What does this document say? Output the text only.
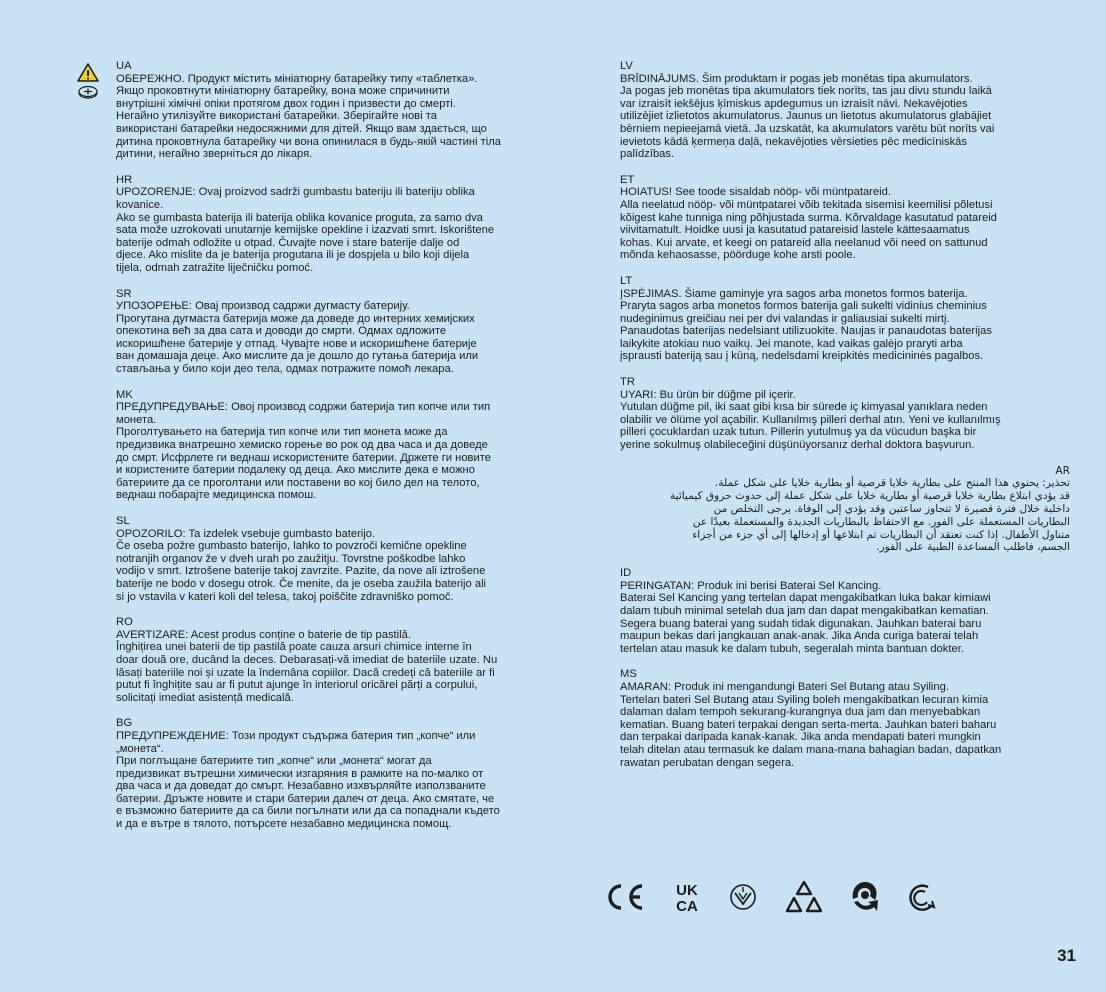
UA
ОБЕРЕЖНО. Продукт містить мініатюрну батарейку типу «таблетка».
Якщо проковтнути мініатюрну батарейку, вона може спричинити
внутрішні хімічні опіки протягом двох годин і призвести до смерті.
Негайно утилізуйте використані батарейки. Зберігайте нові та
використані батарейки недосяжними для дітей. Якщо вам здається, що
дитина проковтнула батарейку чи вона опинилася в будь-якій частині тіла
дитини, негайно зверніться до лікаря.
HR
UPOZORENJE: Ovaj proizvod sadrži gumbastu bateriju ili bateriju oblika
kovanice.
Ako se gumbasta baterija ili baterija oblika kovanice proguta, za samo dva
sata može uzrokovati unutarnje kemijske opekline i izazvati smrt. Iskorištene
baterije odmah odložite u otpad. Čuvajte nove i stare baterije dalje od
djece. Ako mislite da je baterija progutana ili je dospjela u bilo koji dijela
tijela, odmah zatražite liječničku pomoć.
SR
УПОЗОРЕЊЕ: Овај производ садржи дугмасту батерију.
Прогутана дугмаста батерија може да доведе до интерних хемијских
опекотина већ за два сата и доводи до смрти. Одмах одложите
искоришћене батерије у отпад. Чувајте нове и искоришћене батерије
ван домашаја деце. Ако мислите да је дошло до гутања батерија или
стављања у било који део тела, одмах потражите помоћ лекара.
MK
ПРЕДУПРЕДУВАЊЕ: Овој производ содржи батерија тип копче или тип
монета.
Проголтувањето на батерија тип копче или тип монета може да
предизвика внатрешно хемиско горење во рок од два часа и да доведе
до смрт. Исфрлете ги веднаш искористените батерии. Држете ги новите
и користените батерии подалеку од деца. Ако мислите дека е можно
батериите да се проголтани или поставени во кој било дел на телото,
веднаш побарајте медицинска помош.
SL
OPOZORILO: Ta izdelek vsebuje gumbasto baterijo.
Če oseba požre gumbasto baterijo, lahko to povzroči kemične opekline
notranjih organov že v dveh urah po zaužitju. Tovrstne poškodbe lahko
vodijo v smrt. Iztrošene baterije takoj zavrzite. Pazite, da nove ali iztrošene
baterije ne bodo v dosegu otrok. Če menite, da je oseba zaužila baterijo ali
si jo vstavila v kateri koli del telesa, takoj poiščite zdravniško pomoč.
RO
AVERTIZARE: Acest produs conține o baterie de tip pastilă.
Înghițirea unei baterii de tip pastilă poate cauza arsuri chimice interne în
doar două ore, ducând la deces. Debarasați-vă imediat de bateriile uzate. Nu
lăsați bateriile noi și uzate la îndemâna copiilor. Dacă credeți că bateriile ar fi
putut fi înghițite sau ar fi putut ajunge în interiorul oricărei părți a corpului,
solicitați imediat asistență medicală.
BG
ПРЕДУПРЕЖДЕНИЕ: Този продукт съдържа батерия тип „копче“ или
„монета“.
При поглъщане батериите тип „копче“ или „монета“ могат да
предизвикат вътрешни химически изгаряния в рамките на по-малко от
два часа и да доведат до смърт. Незабавно изхвърляйте използваните
батерии. Дръжте новите и стари батерии далеч от деца. Ако смятате, че
е възможно батериите да са били погълнати или да са попаднали където
и да е вътре в тялото, потърсете незабавно медицинска помощ.
LV
BRĪDINĀJUMS. Šim produktam ir pogas jeb monētas tipa akumulators.
Ja pogas jeb monētas tipa akumulators tiek norīts, tas jau divu stundu laikā
var izraisīt iekšējus ķīmiskus apdegumus un izraisīt nāvi. Nekavējoties
utilizējiet izlietotos akumulatorus. Jaunus un lietotus akumulatorus glabājiet
bērniem nepieejamā vietā. Ja uzskatāt, ka akumulators varētu būt norīts vai
ievietots kādā ķermeņa daļā, nekavējoties vērsieties pēc medicīniskās
palīdzības.
ET
HOIATUS! See toode sisaldab nööp- või müntpatareid.
Alla neelatud nööp- või müntpatarei võib tekitada sisemisi keemilisi põletusi
kõigest kahe tunniga ning põhjustada surma. Kõrvaldage kasutatud patareid
viivitamatult. Hoidke uusi ja kasutatud patareisid lastele kättesaamatus
kohas. Kui arvate, et keegi on patareid alla neelanud või need on sattunud
mõnda kehaosasse, pöörduge kohe arsti poole.
LT
ĮSPĖJIMAS. Šiame gaminyje yra sagos arba monetos formos baterija.
Praryta sagos arba monetos formos baterija gali sukelti vidinius cheminius
nudeginimus greičiau nei per dvi valandas ir galiausiai sukelti mirtį.
Panaudotas baterijas nedelsiant utilizuokite. Naujas ir panaudotas baterijas
laikykite atokiau nuo vaikų. Jei manote, kad vaikas galėjo praryti arba
įsprausti bateriją sau į kūną, nedelsdami kreipkitės medicininės pagalbos.
TR
UYARI: Bu ürün bir düğme pil içerir.
Yutulan düğme pil, iki saat gibi kısa bir sürede iç kimyasal yanıklara neden
olabilir ve ölüme yol açabilir. Kullanılmış pilleri derhal atın. Yeni ve kullanılmış
pilleri çocuklardan uzak tutun. Pillerin yutulmuş ya da vücudun başka bir
yerine sokulmuş olabileceğini düşünüyorsanız derhal doktora başvurun.
AR
تحذير: يحتوي هذا المنتج على بطارية خلايا قرصية أو بطارية خلايا على شكل عملة.
قد يؤدي ابتلاع بطارية خلايا قرصية أو بطارية خلايا على شكل عملة إلى حدوث حروق كيميائية
داخلية خلال فترة قصيرة لا تتجاوز ساعتين وقد يؤدي إلى الوفاة. يرجى التخلص من
البطاريات المستعملة على الفور. مع الاحتفاظ بالبطاريات الجديدة والمستعملة بعيدًا عن
متناول الأطفال. إذا كنت تعتقد أن البطاريات تم ابتلاعها أو إدخالها إلى أي جزء من أجزاء
الجسم، فاطلب المساعدة الطبية على الفور.
ID
PERINGATAN: Produk ini berisi Baterai Sel Kancing.
Baterai Sel Kancing yang tertelan dapat mengakibatkan luka bakar kimiawi
dalam tubuh minimal setelah dua jam dan dapat mengakibatkan kematian.
Segera buang baterai yang sudah tidak digunakan. Jauhkan baterai baru
maupun bekas dari jangkauan anak-anak. Jika Anda curiga baterai telah
tertelan atau masuk ke dalam tubuh, segeralah minta bantuan dokter.
MS
AMARAN: Produk ini mengandungi Bateri Sel Butang atau Syiling.
Tertelan bateri Sel Butang atau Syiling boleh mengakibatkan lecuran kimia
dalaman dalam tempoh sekurang-kurangnya dua jam dan menyebabkan
kematian. Buang bateri terpakai dengan serta-merta. Jauhkan bateri baharu
dan terpakai daripada kanak-kanak. Jika anda mendapati bateri mungkin
telah ditelan atau termasuk ke dalam mana-mana bahagian badan, dapatkan
rawatan perubatan dengan segera.
UK
CA
31
